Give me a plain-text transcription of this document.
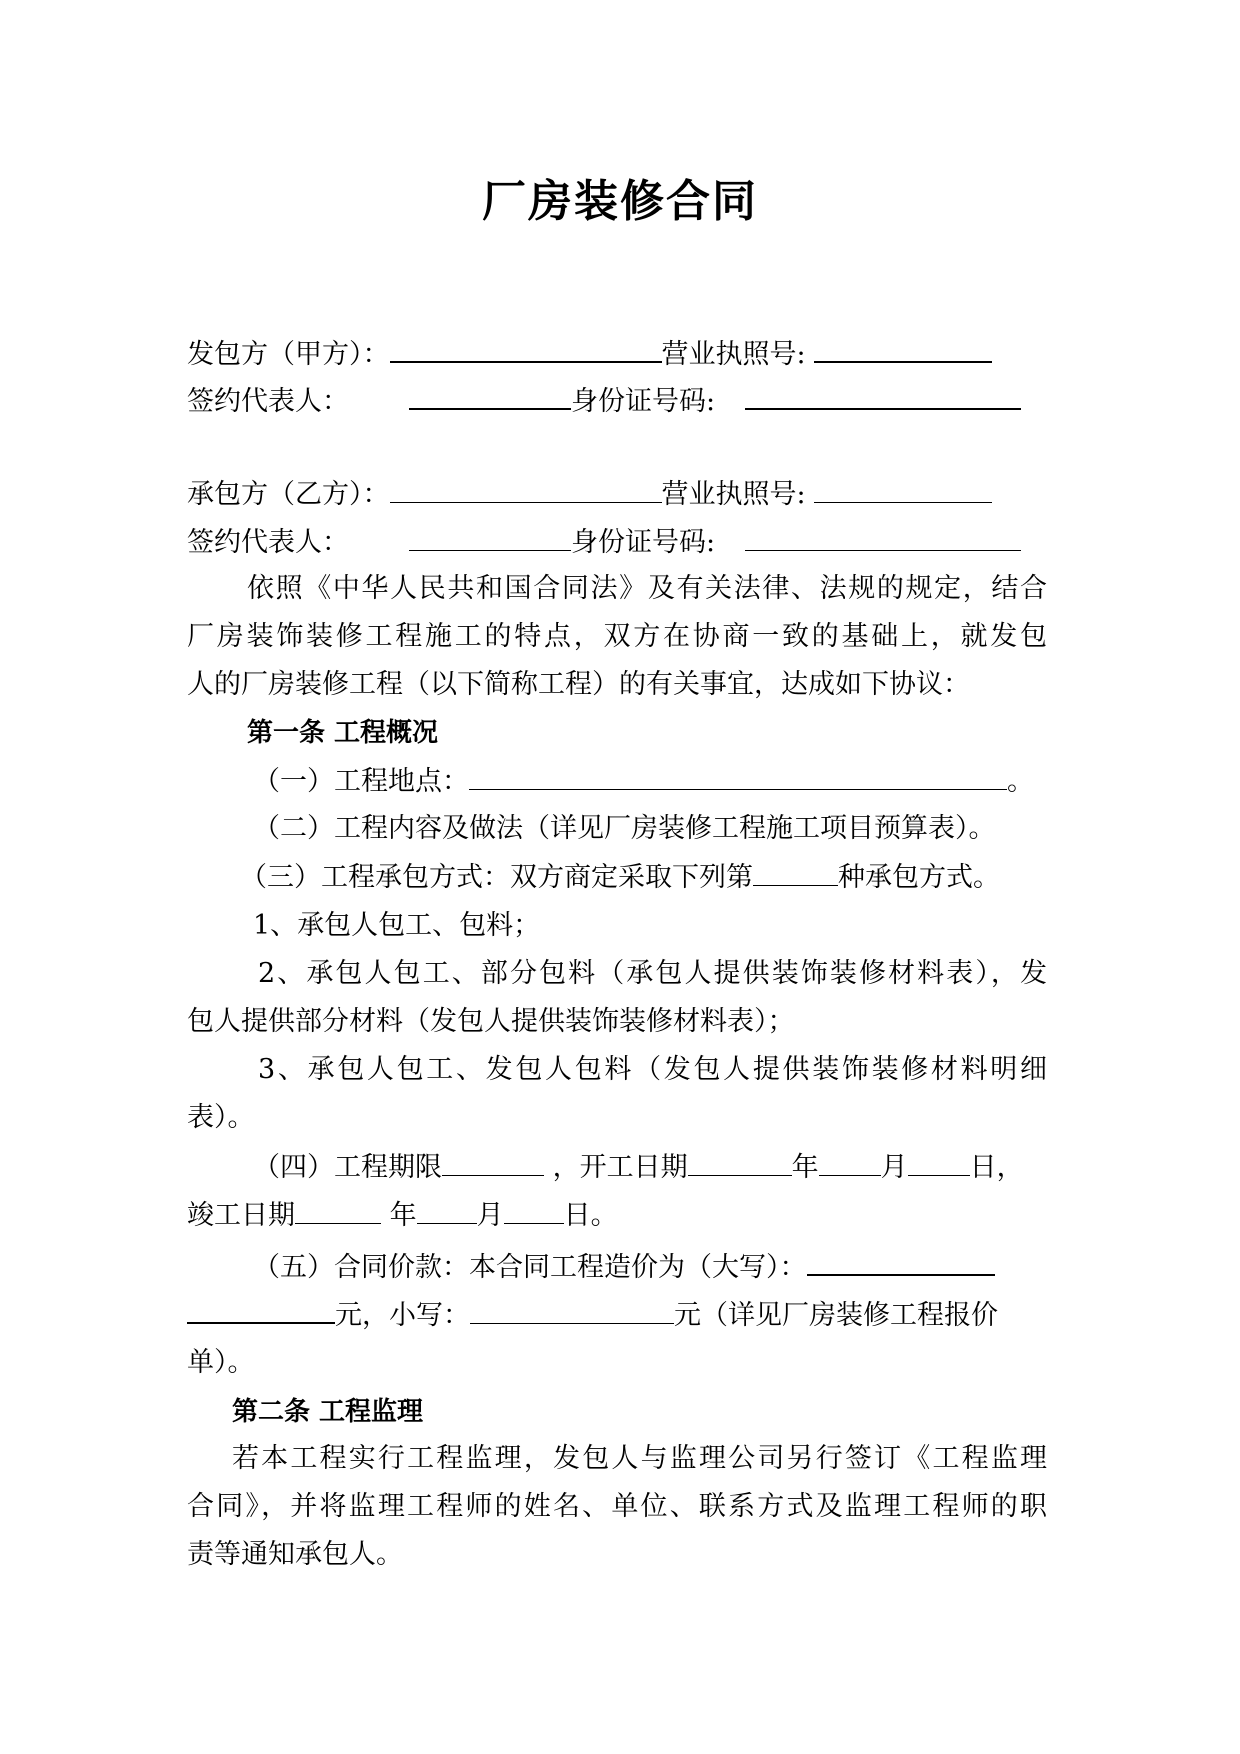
厂房装修合同
发包方（甲方）：	营业执照号:
签约代表人：	身份证号码:
承包方（乙方）：	营业执照号:
签约代表人：	身份证号码:
依照《中华人民共和国合同法》及有关法律、法规的规定，结合
厂房装饰装修工程施工的特点，双方在协商一致的基础上，就发包
人的厂房装修工程（以下简称工程）的有关事宜，达成如下协议：
第一条 工程概况
（一）工程地点：	。
（二）工程内容及做法（详见厂房装修工程施工项目预算表）。
（三）工程承包方式：双方商定采取下列第	种承包方式。
1、承包人包工、包料；
2、承包人包工、部分包料（承包人提供装饰装修材料表），发
包人提供部分材料（发包人提供装饰装修材料表）；
3、承包人包工、发包人包料（发包人提供装饰装修材料明细
表）。
（四）工程期限	，开工日期	年 月 日，
竣工日期	年 月 日。
（五）合同价款：本合同工程造价为（大写）：
元，小写：	元（详见厂房装修工程报价
单）。
第二条 工程监理
若本工程实行工程监理，发包人与监理公司另行签订《工程监理
合同》，并将监理工程师的姓名、单位、联系方式及监理工程师的职
责等通知承包人。
